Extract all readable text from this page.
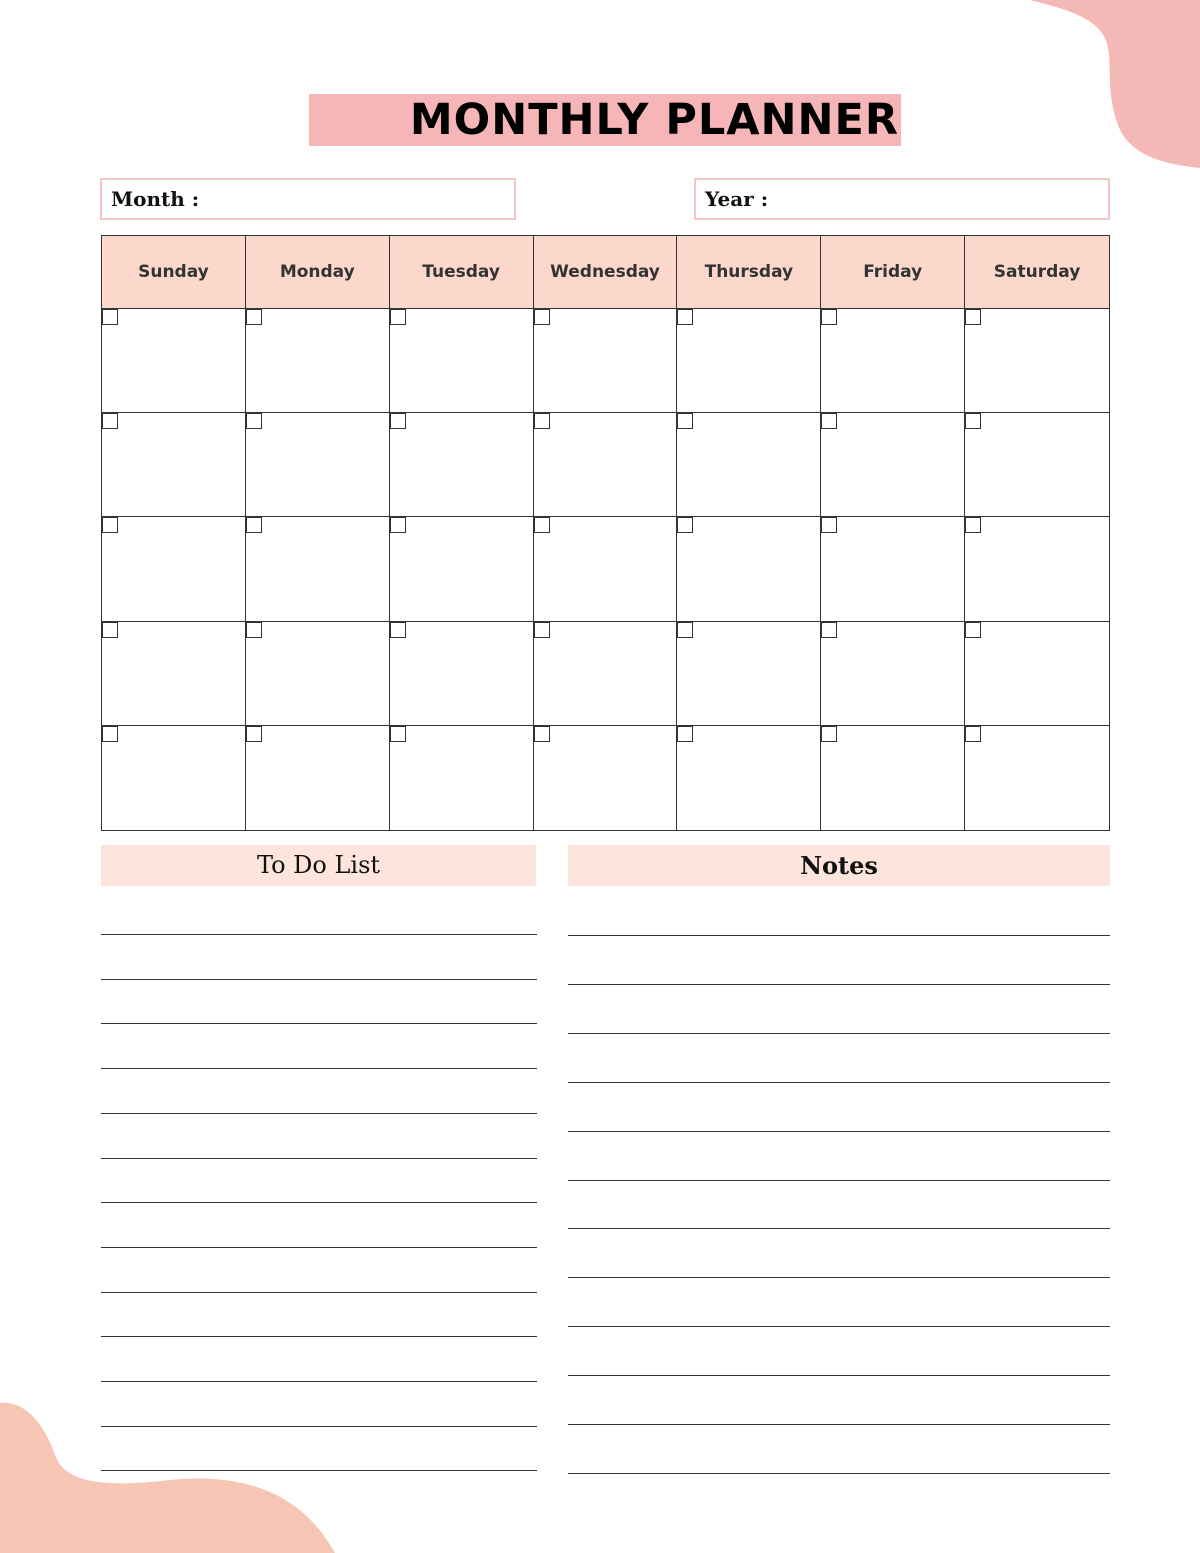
MONTHLY PLANNER
Month :	Year :
Sunday	Monday	Tuesday	Wednesday	Thursday	Friday	Saturday
To Do List	Notes
